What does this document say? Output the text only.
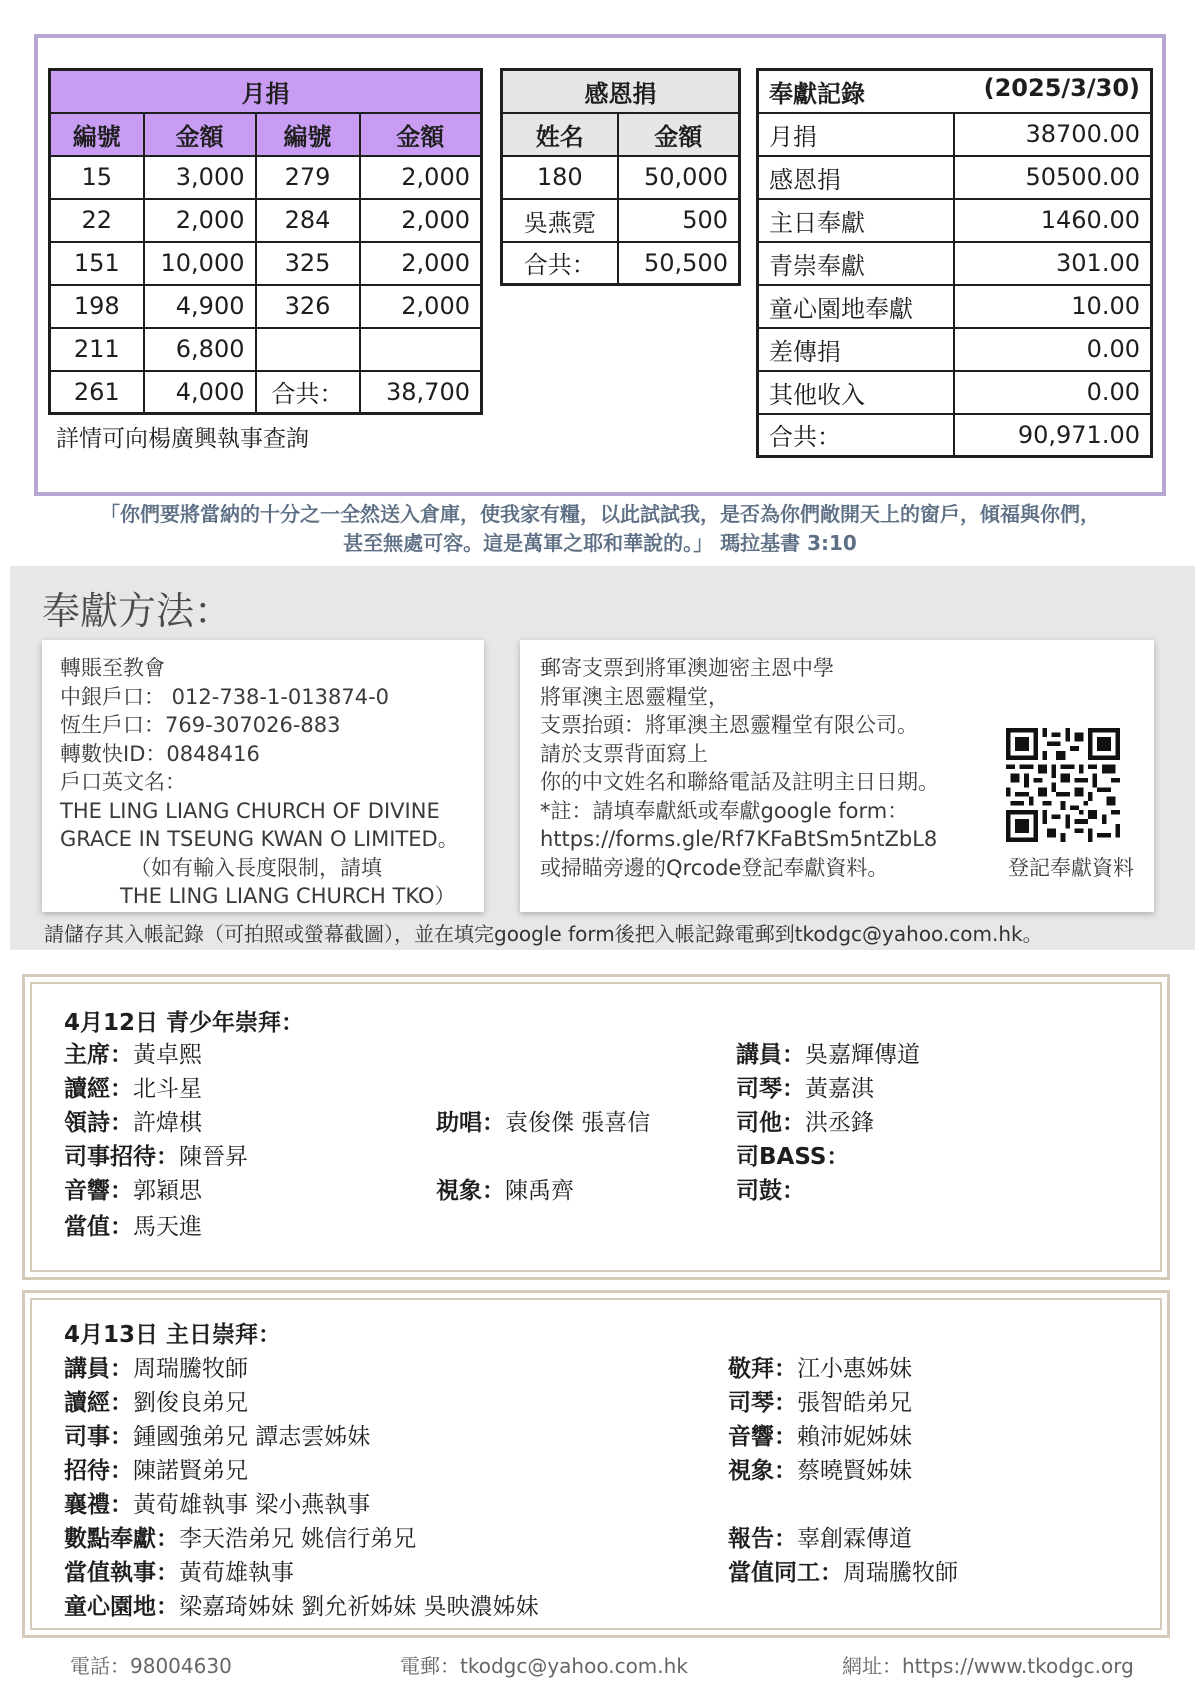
月捐			
編號	金額	編號	金額
15	3,000	279	2,000
22	2,000	284	2,000
151	10,000	325	2,000
198	4,900	326	2,000
211	6,800		
261	4,000	合共：	38,700
詳情可向楊廣興執事查詢
感恩捐	
姓名	金額
180	50,000
吳燕霓	500
合共：	50,500
奉獻記錄 (2025/3/30)	

月捐	38700.00
感恩捐	50500.00
主日奉獻	1460.00
青崇奉獻	301.00
童心園地奉獻	10.00
差傳捐	0.00
其他收入	0.00
合共：	90,971.00
「你們要將當納的十分之一全然送入倉庫，使我家有糧，以此試試我，是否為你們敞開天上的窗戶，傾福與你們，
甚至無處可容。這是萬軍之耶和華說的。」 瑪拉基書 3:10
奉獻方法：
轉賬至教會
中銀戶口： 012-738-1-013874-0
恆生戶口：769-307026-883
轉數快ID：0848416
戶口英文名：
THE LING LIANG CHURCH OF DIVINE
GRACE IN TSEUNG KWAN O LIMITED。
（如有輸入長度限制，請填
THE LING LIANG CHURCH TKO）
郵寄支票到將軍澳迦密主恩中學
將軍澳主恩靈糧堂，
支票抬頭：將軍澳主恩靈糧堂有限公司。
請於支票背面寫上
你的中文姓名和聯絡電話及註明主日日期。
*註：請填奉獻紙或奉獻google form：
https://forms.gle/Rf7KFaBtSm5ntZbL8
或掃瞄旁邊的Qrcode登記奉獻資料。	登記奉獻資料
請儲存其入帳記錄（可拍照或螢幕截圖），並在填完google form後把入帳記錄電郵到tkodgc@yahoo.com.hk。
4月12日 青少年崇拜：
主席：黃卓熙
讀經：北斗星
領詩：許煒棋
司事招待：陳晉昇
音響：郭穎思
當值：馬天進
助唱：袁俊傑 張喜信
視象：陳禹齊
講員：吳嘉輝傳道
司琴：黃嘉淇
司他：洪丞鋒
司BASS：
司鼓：
4月13日 主日崇拜：
講員：周瑞騰牧師
讀經：劉俊良弟兄
司事：鍾國強弟兄 譚志雲姊妹
招待：陳諾賢弟兄
襄禮：黃荀雄執事 梁小燕執事
數點奉獻：李天浩弟兄 姚信行弟兄
當值執事：黃荀雄執事
童心園地：梁嘉琦姊妹 劉允祈姊妹 吳映濃姊妹
敬拜：江小惠姊妹
司琴：張智皓弟兄
音響：賴沛妮姊妹
視象：蔡曉賢姊妹
報告：辜創霖傳道
當值同工：周瑞騰牧師
電話：98004630	電郵：tkodgc@yahoo.com.hk	網址：https://www.tkodgc.org
